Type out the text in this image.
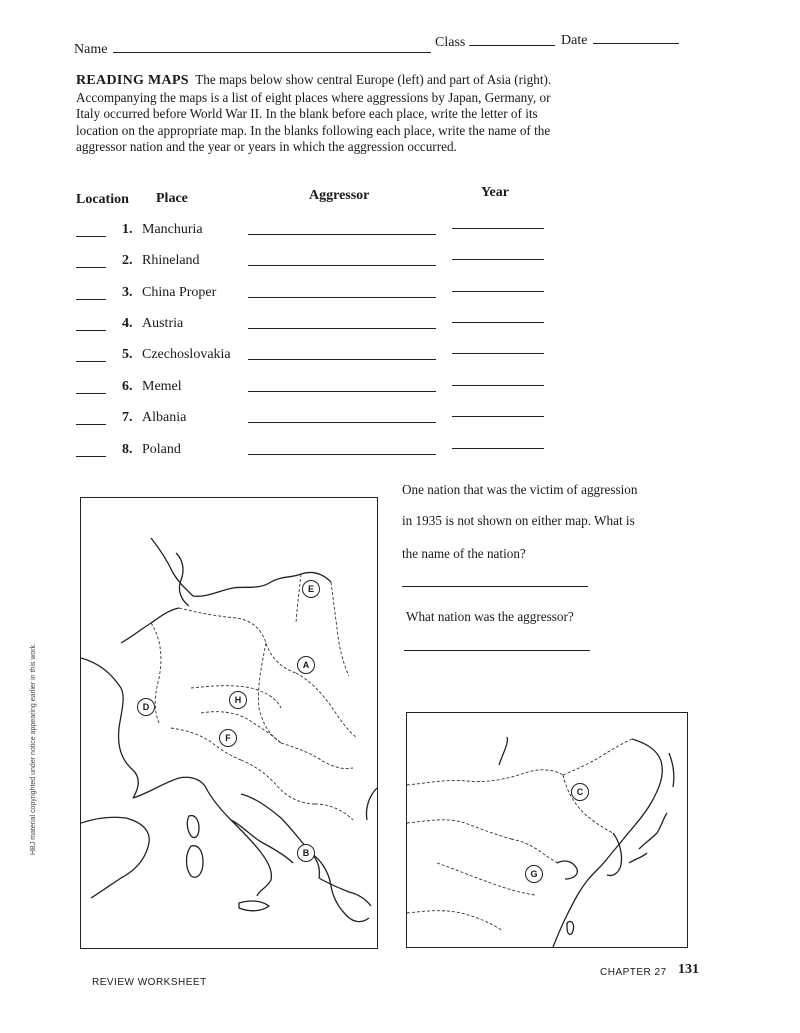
Name	Class	Date
READING MAPS The maps below show central Europe (left) and part of Asia (right). Accompanying the maps is a list of eight places where aggressions by Japan, Germany, or Italy occurred before World War II. In the blank before each place, write the letter of its location on the appropriate map. In the blanks following each place, write the name of the aggressor nation and the year or years in which the aggression occurred.
Location Place	Aggressor	Year
1. Manchuria
2. Rhineland
3. China Proper
4. Austria
5. Czechoslovakia
6. Memel
7. Albania
8. Poland
One nation that was the victim of aggression
in 1935 is not shown on either map. What is
the name of the nation?
What nation was the aggressor?
A
B
D
E
F
H
C
G
HBJ material copyrighted under notice appearing earlier in this work.
REVIEW WORKSHEET
CHAPTER 27 131
